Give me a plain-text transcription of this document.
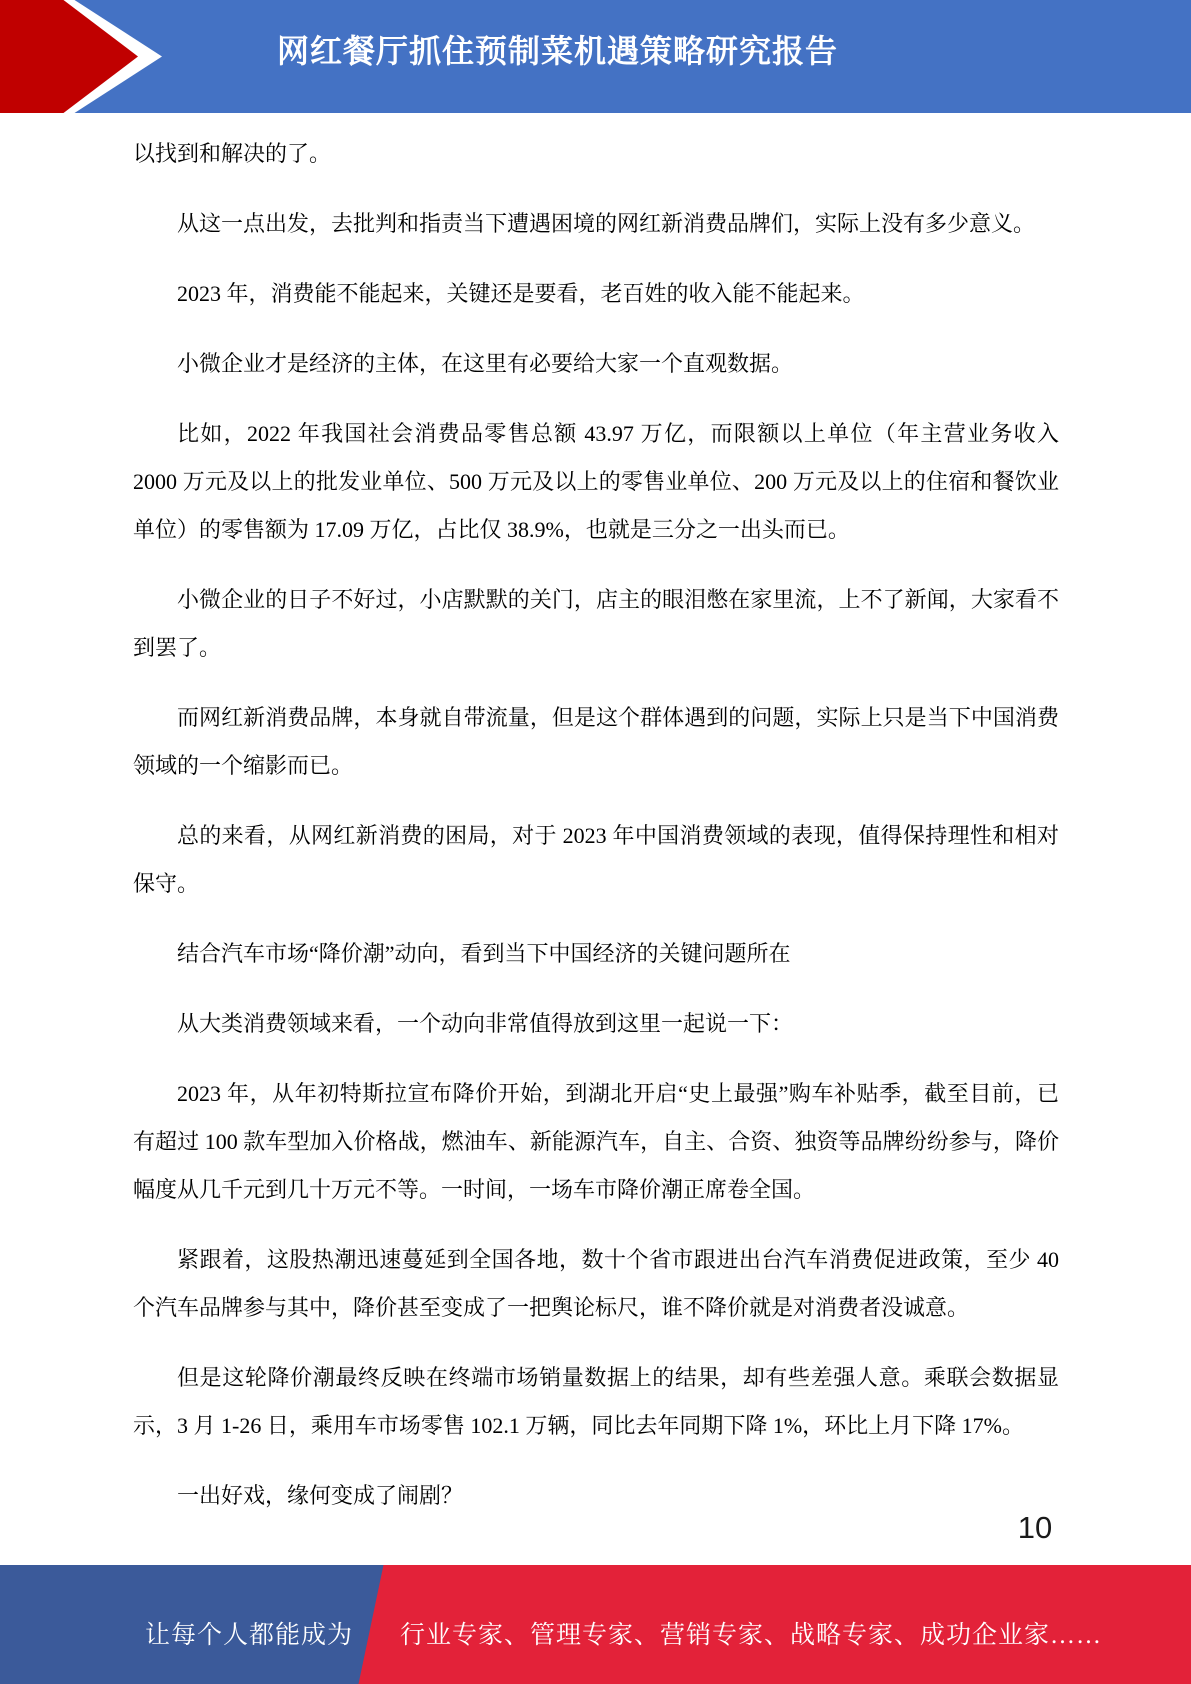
网红餐厅抓住预制菜机遇策略研究报告

以找到和解决的了。

从这一点出发，去批判和指责当下遭遇困境的网红新消费品牌们，实际上没有多少意义。

2023 年，消费能不能起来，关键还是要看，老百姓的收入能不能起来。

小微企业才是经济的主体，在这里有必要给大家一个直观数据。

比如，2022 年我国社会消费品零售总额 43.97 万亿，而限额以上单位（年主营业务收入 2000 万元及以上的批发业单位、500 万元及以上的零售业单位、200 万元及以上的住宿和餐饮业单位）的零售额为 17.09 万亿，占比仅 38.9%，也就是三分之一出头而已。

小微企业的日子不好过，小店默默的关门，店主的眼泪憋在家里流，上不了新闻，大家看不到罢了。

而网红新消费品牌，本身就自带流量，但是这个群体遇到的问题，实际上只是当下中国消费领域的一个缩影而已。

总的来看，从网红新消费的困局，对于 2023 年中国消费领域的表现，值得保持理性和相对保守。

结合汽车市场“降价潮”动向，看到当下中国经济的关键问题所在

从大类消费领域来看，一个动向非常值得放到这里一起说一下：

2023 年，从年初特斯拉宣布降价开始，到湖北开启“史上最强”购车补贴季，截至目前，已有超过 100 款车型加入价格战，燃油车、新能源汽车，自主、合资、独资等品牌纷纷参与，降价幅度从几千元到几十万元不等。一时间，一场车市降价潮正席卷全国。

紧跟着，这股热潮迅速蔓延到全国各地，数十个省市跟进出台汽车消费促进政策，至少 40 个汽车品牌参与其中，降价甚至变成了一把舆论标尺，谁不降价就是对消费者没诚意。

但是这轮降价潮最终反映在终端市场销量数据上的结果，却有些差强人意。乘联会数据显示，3 月 1-26 日，乘用车市场零售 102.1 万辆，同比去年同期下降 1%，环比上月下降 17%。

一出好戏，缘何变成了闹剧？

10
让每个人都能成为 行业专家、管理专家、营销专家、战略专家、成功企业家……
